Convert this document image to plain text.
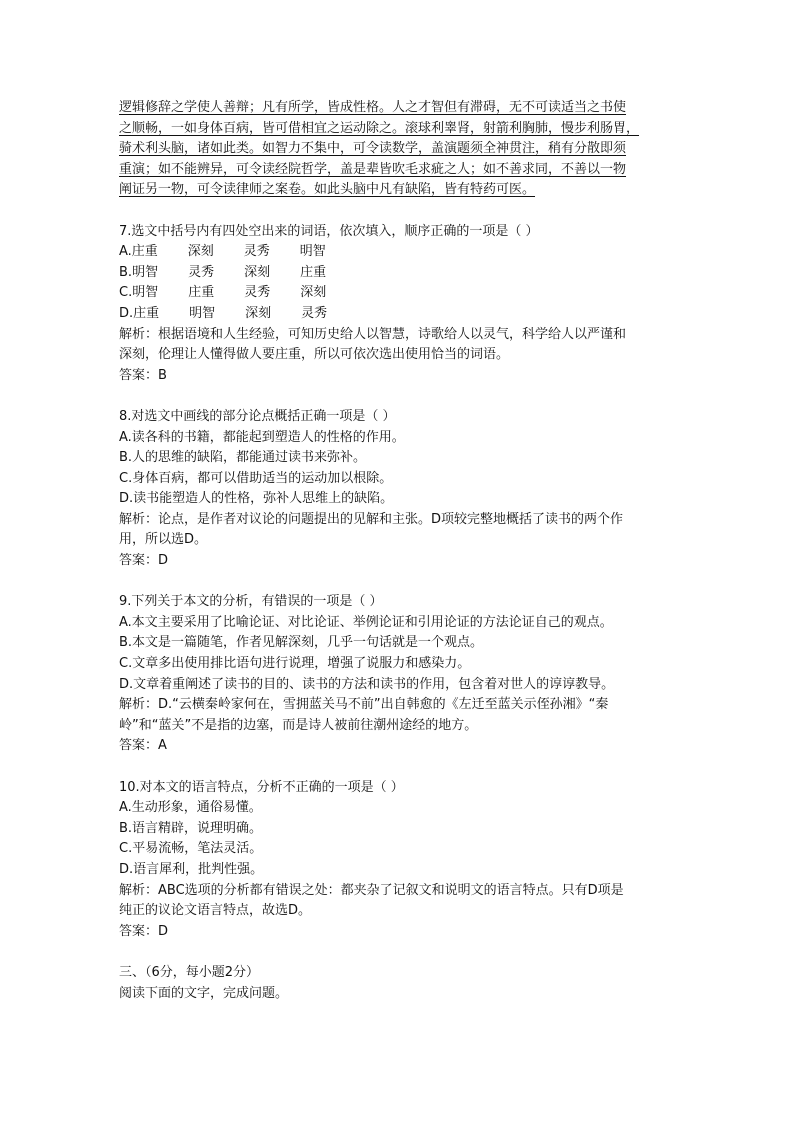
逻辑修辞之学使人善辩；凡有所学，皆成性格。人之才智但有滞碍，无不可读适当之书使
之顺畅，一如身体百病，皆可借相宜之运动除之。滚球利睾肾，射箭利胸肺，慢步利肠胃，
骑术利头脑，诸如此类。如智力不集中，可令读数学，盖演题须全神贯注，稍有分散即须
重演；如不能辨异，可令读经院哲学，盖是辈皆吹毛求疵之人；如不善求同，不善以一物
阐证另一物，可令读律师之案卷。如此头脑中凡有缺陷，皆有特药可医。
7.选文中括号内有四处空出来的词语，依次填入，顺序正确的一项是（ ）
A.庄重 深刻 灵秀 明智
B.明智 灵秀 深刻 庄重
C.明智 庄重 灵秀 深刻
D.庄重 明智 深刻 灵秀
解析：根据语境和人生经验，可知历史给人以智慧，诗歌给人以灵气，科学给人以严谨和
深刻，伦理让人懂得做人要庄重，所以可依次选出使用恰当的词语。
答案：B
8.对选文中画线的部分论点概括正确一项是（ ）
A.读各科的书籍，都能起到塑造人的性格的作用。
B.人的思维的缺陷，都能通过读书来弥补。
C.身体百病，都可以借助适当的运动加以根除。
D.读书能塑造人的性格，弥补人思维上的缺陷。
解析：论点，是作者对议论的问题提出的见解和主张。D项较完整地概括了读书的两个作
用，所以选D。
答案：D
9.下列关于本文的分析，有错误的一项是（ ）
A.本文主要采用了比喻论证、对比论证、举例论证和引用论证的方法论证自己的观点。
B.本文是一篇随笔，作者见解深刻，几乎一句话就是一个观点。
C.文章多出使用排比语句进行说理，增强了说服力和感染力。
D.文章着重阐述了读书的目的、读书的方法和读书的作用，包含着对世人的谆谆教导。
解析：D.“云横秦岭家何在，雪拥蓝关马不前”出自韩愈的《左迁至蓝关示侄孙湘》“秦
岭”和“蓝关”不是指的边塞，而是诗人被前往潮州途经的地方。
答案：A
10.对本文的语言特点，分析不正确的一项是（ ）
A.生动形象，通俗易懂。
B.语言精辟，说理明确。
C.平易流畅，笔法灵活。
D.语言犀利，批判性强。
解析：ABC选项的分析都有错误之处：都夹杂了记叙文和说明文的语言特点。只有D项是
纯正的议论文语言特点，故选D。
答案：D
三、（6分，每小题2分）
阅读下面的文字，完成问题。
